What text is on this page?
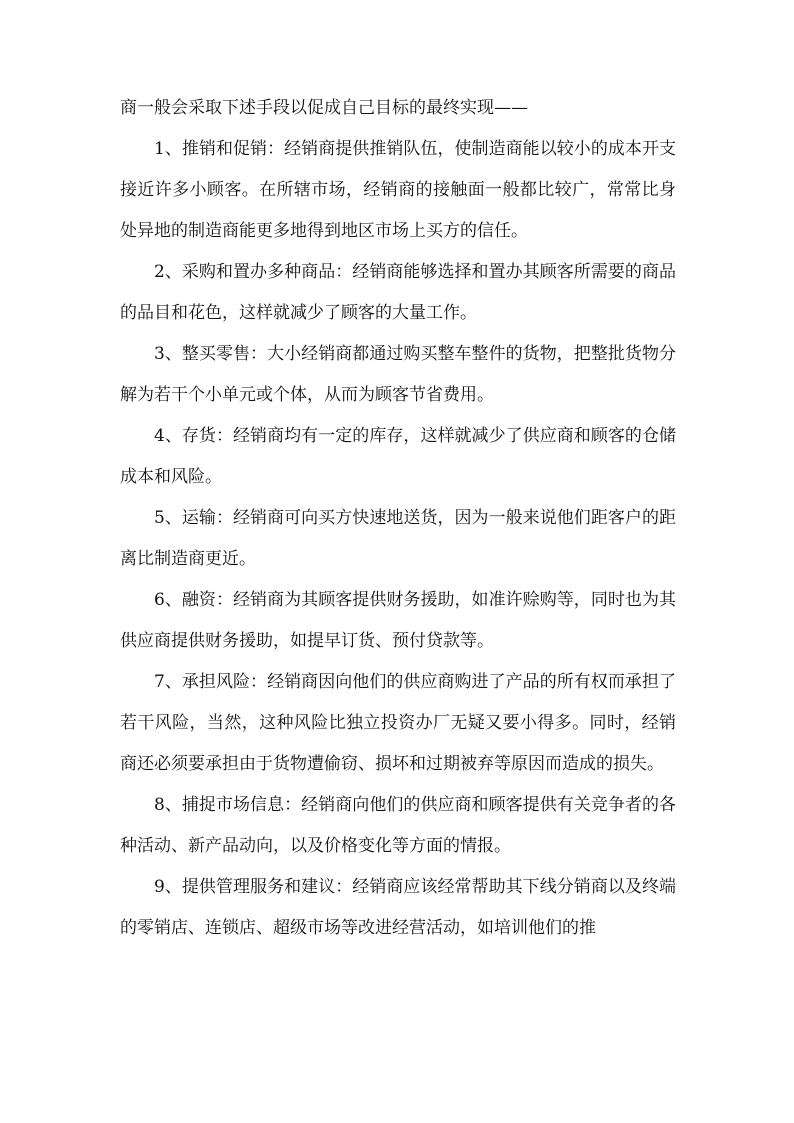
商一般会采取下述手段以促成自己目标的最终实现——

1、推销和促销：经销商提供推销队伍，使制造商能以较小的成本开支接近许多小顾客。在所辖市场，经销商的接触面一般都比较广，常常比身处异地的制造商能更多地得到地区市场上买方的信任。

2、采购和置办多种商品：经销商能够选择和置办其顾客所需要的商品的品目和花色，这样就减少了顾客的大量工作。

3、整买零售：大小经销商都通过购买整车整件的货物，把整批货物分解为若干个小单元或个体，从而为顾客节省费用。

4、存货：经销商均有一定的库存，这样就减少了供应商和顾客的仓储成本和风险。

5、运输：经销商可向买方快速地送货，因为一般来说他们距客户的距离比制造商更近。

6、融资：经销商为其顾客提供财务援助，如准许赊购等，同时也为其供应商提供财务援助，如提早订货、预付贷款等。

7、承担风险：经销商因向他们的供应商购进了产品的所有权而承担了若干风险，当然，这种风险比独立投资办厂无疑又要小得多。同时，经销商还必须要承担由于货物遭偷窃、损坏和过期被弃等原因而造成的损失。

8、捕捉市场信息：经销商向他们的供应商和顾客提供有关竞争者的各种活动、新产品动向，以及价格变化等方面的情报。

9、提供管理服务和建议：经销商应该经常帮助其下线分销商以及终端的零销店、连锁店、超级市场等改进经营活动，如培训他们的推
